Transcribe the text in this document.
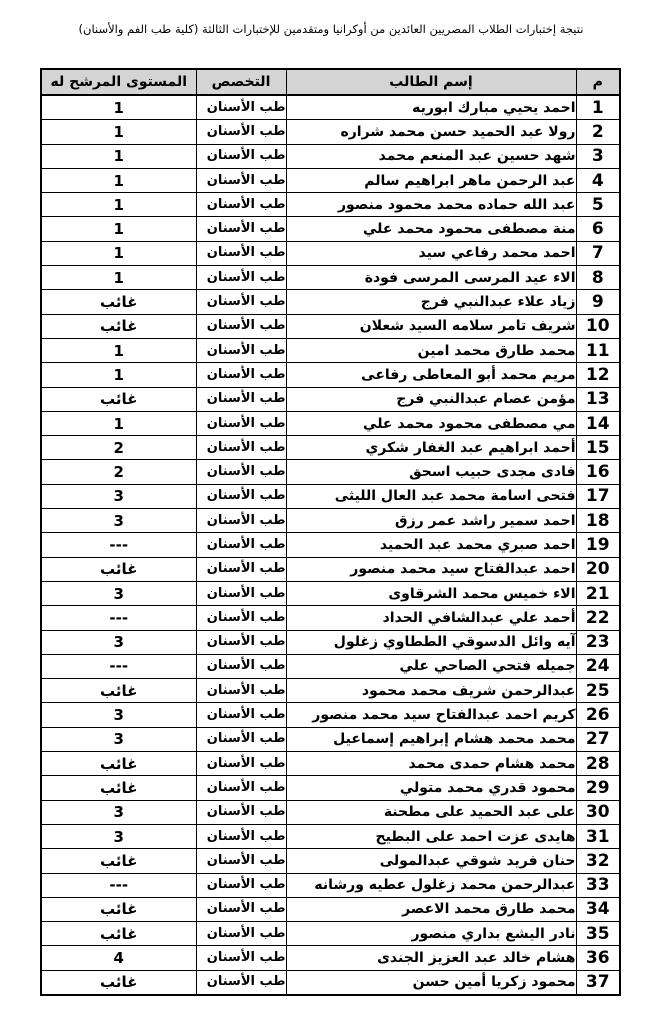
نتيجة إختبارات الطلاب المصريين العائدين من أوكرانيا ومتقدمين للإختبارات الثالثة (كلية طب الفم والأسنان)
م	إسم الطالب	التخصص	المستوى المرشح له
1	احمد يحيي مبارك ابوريه	طب الأسنان	1
2	رولا عبد الحميد حسن محمد شراره	طب الأسنان	1
3	شهد حسين عبد المنعم محمد	طب الأسنان	1
4	عبد الرحمن ماهر ابراهيم سالم	طب الأسنان	1
5	عبد الله حماده محمد محمود منصور	طب الأسنان	1
6	منة مصطفى محمود محمد علي	طب الأسنان	1
7	احمد محمد رفاعي سيد	طب الأسنان	1
8	الاء عيد المرسى المرسى فودة	طب الأسنان	1
9	زياد علاء عبدالنبي فرج	طب الأسنان	غائب
10	شريف تامر سلامه السيد شعلان	طب الأسنان	غائب
11	محمد طارق محمد امين	طب الأسنان	1
12	مريم محمد أبو المعاطى رفاعى	طب الأسنان	1
13	مؤمن عصام عبدالنبي فرج	طب الأسنان	غائب
14	مي مصطفى محمود محمد علي	طب الأسنان	1
15	أحمد ابراهيم عبد الغفار شكري	طب الأسنان	2
16	فادى مجدى حبيب اسحق	طب الأسنان	2
17	فتحى اسامة محمد عبد العال الليثى	طب الأسنان	3
18	احمد سمير راشد عمر رزق	طب الأسنان	3
19	احمد صبري محمد عبد الحميد	طب الأسنان	---
20	احمد عبدالفتاح سيد محمد منصور	طب الأسنان	غائب
21	الاء خميس محمد الشرقاوى	طب الأسنان	3
22	أحمد علي عبدالشافي الحداد	طب الأسنان	---
23	آيه وائل الدسوقي الططاوي زغلول	طب الأسنان	3
24	جميله فتحي الصاحي علي	طب الأسنان	---
25	عبدالرحمن شريف محمد محمود	طب الأسنان	غائب
26	كريم احمد عبدالفتاح سيد محمد منصور	طب الأسنان	3
27	محمد محمد هشام إبراهيم إسماعيل	طب الأسنان	3
28	محمد هشام حمدى محمد	طب الأسنان	غائب
29	محمود قدري محمد متولي	طب الأسنان	غائب
30	على عبد الحميد على مطحنة	طب الأسنان	3
31	هايدى عزت احمد على البطيح	طب الأسنان	3
32	حنان فريد شوقي عبدالمولى	طب الأسنان	غائب
33	عبدالرحمن محمد زغلول عطيه ورشانه	طب الأسنان	---
34	محمد طارق محمد الاعصر	طب الأسنان	غائب
35	نادر اليشع بداري منصور	طب الأسنان	غائب
36	هشام خالد عبد العزيز الجندى	طب الأسنان	4
37	محمود زكريا أمين حسن	طب الأسنان	غائب
